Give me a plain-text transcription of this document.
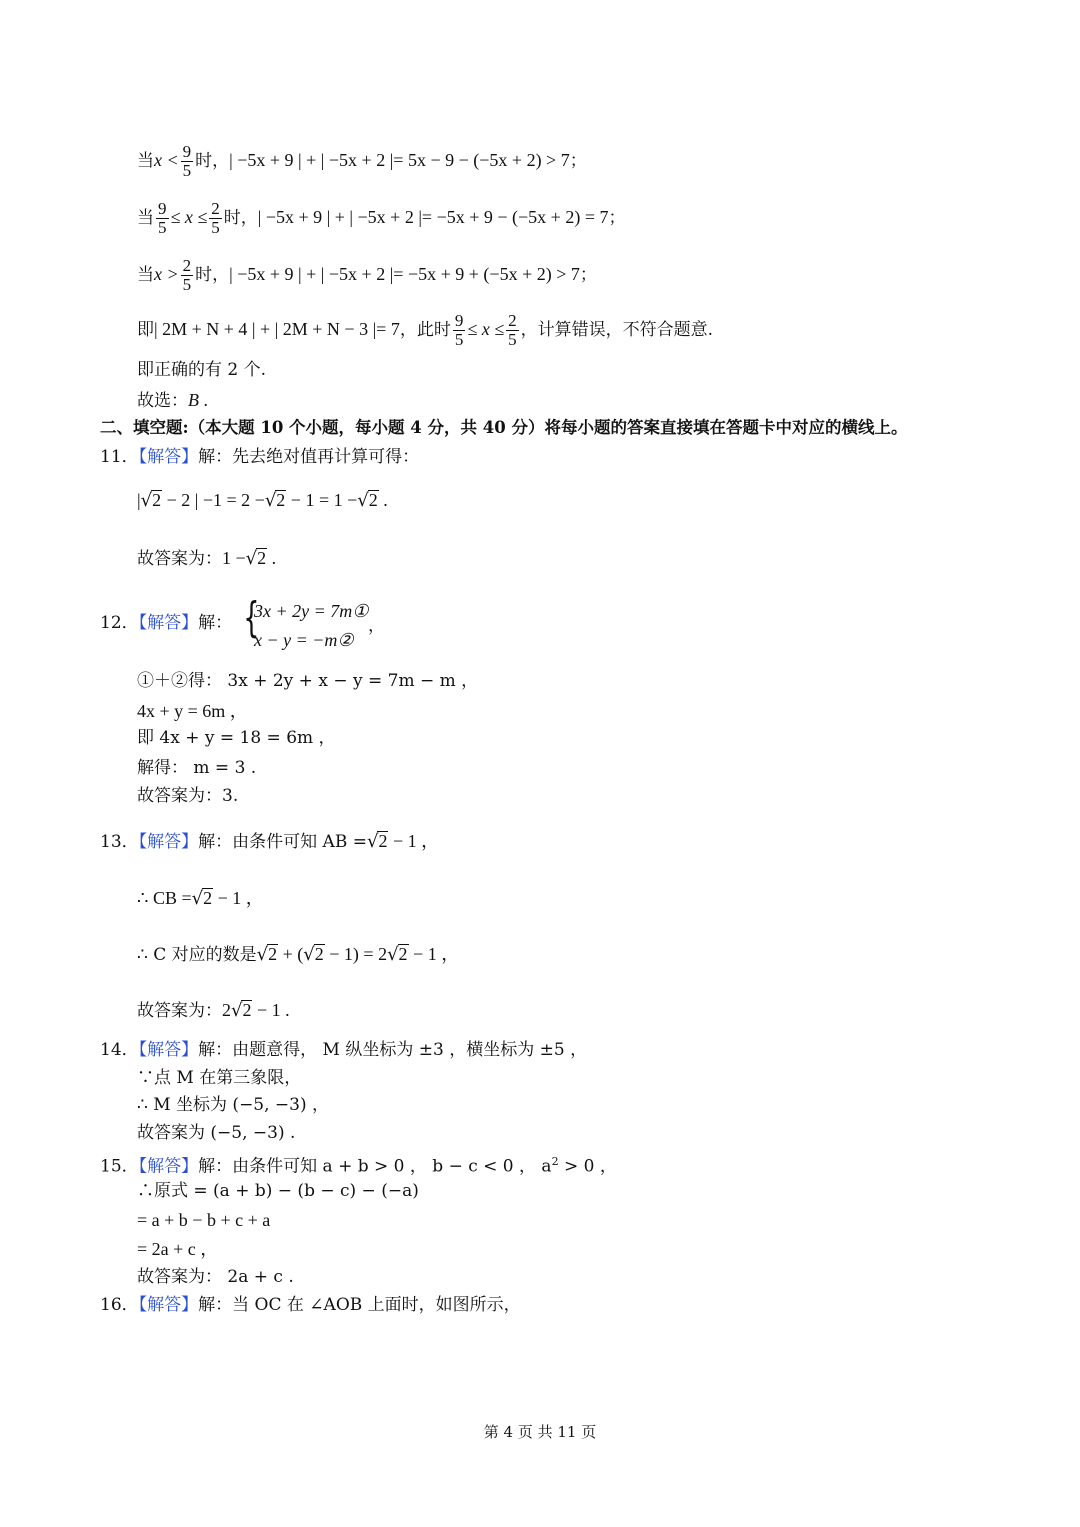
当$x < \frac{9}{5}$ 时，| −5x + 9 | + | −5x + 2 |= 5x − 9 − (−5x + 2) > 7；
当 $\frac{9}{5} \le x \le \frac{2}{5}$ 时，| −5x + 9 | + | −5x + 2 |= −5x + 9 − (−5x + 2) = 7；
当$x > \frac{2}{5}$ 时，| −5x + 9 | + | −5x + 2 |= −5x + 9 + (−5x + 2) > 7；
即| 2M + N + 4 | + | 2M + N − 3 |= 7，此时 $\frac{9}{5} \le x \le \frac{2}{5}$ ，计算错误，不符合题意.
即正确的有 2 个.
故选：B .
二、填空题:（本大题 10 个小题，每小题 4 分，共 40 分）将每小题的答案直接填在答题卡中对应的横线上。
11．【解答】解：先去绝对值再计算可得：
|√2 − 2 | −1 = 2 −√2 − 1 = 1 −√2 .
故答案为：1 −√2 .
12．【解答】解： {
3x + 2y = 7m①
x − y = −m②
，
①＋②得： 3x + 2y + x − y = 7m − m ，
4x + y = 6m ，
即 4x + y = 18 = 6m ，
解得： m = 3 .
故答案为：3.
13．【解答】解：由条件可知 AB =√2 − 1 ，
∴ CB =√2 − 1 ，
∴ C 对应的数是√2 + (√2 − 1) = 2√2 − 1 ，
故答案为：2√2 − 1 .
14．【解答】解：由题意得， M 纵坐标为 ±3 ，横坐标为 ±5 ，
∵点 M 在第三象限，
∴ M 坐标为 (−5, −3) ，
故答案为 (−5, −3) .
15．【解答】解：由条件可知 a + b > 0 ， b − c < 0 ， $a^2 > 0$ ，
∴原式 = (a + b) − (b − c) − (−a)
= a + b − b + c + a
= 2a + c ，
故答案为： 2a + c .
16．【解答】解：当 OC 在 ∠AOB 上面时，如图所示，
第 4 页 共 11 页
